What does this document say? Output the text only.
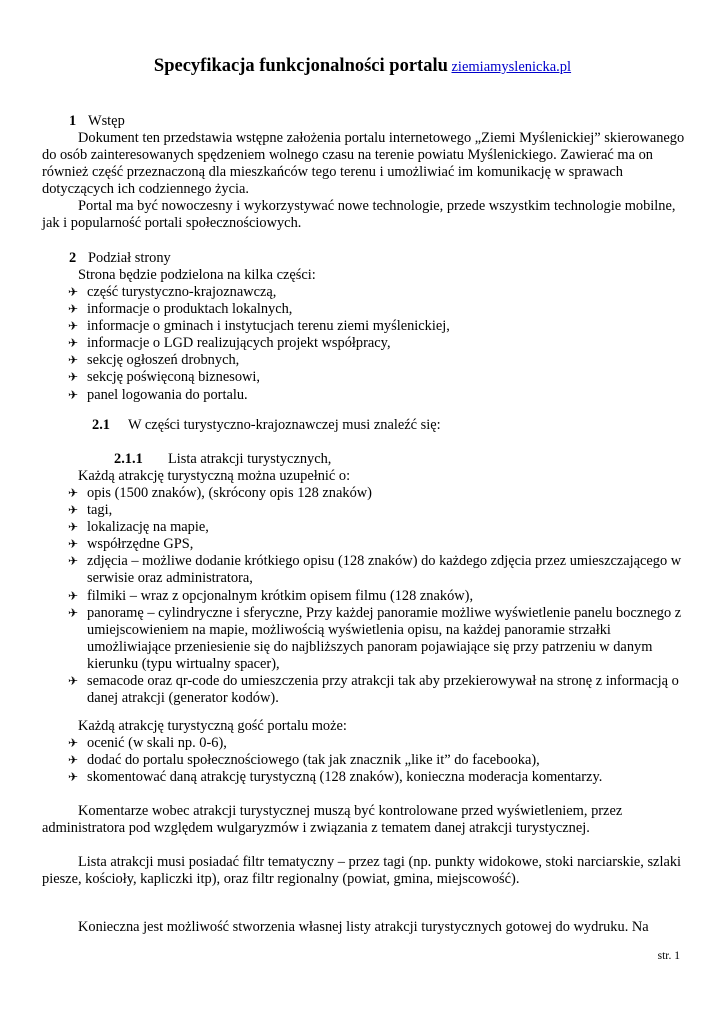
Specyfikacja funkcjonalności portalu ziemiamyslenicka.pl
1 Wstęp

Dokument ten przedstawia wstępne założenia portalu internetowego „Ziemi Myślenickiej” skierowanego do osób zainteresowanych spędzeniem wolnego czasu na terenie powiatu Myślenickiego. Zawierać ma on również część przeznaczoną dla mieszkańców tego terenu i umożliwiać im komunikację w sprawach dotyczących ich codziennego życia.

Portal ma być nowoczesny i wykorzystywać nowe technologie, przede wszystkim technologie mobilne, jak i popularność portali społecznościowych.

2 Podział strony
Strona będzie podzielona na kilka części:
✈ część turystyczno-krajoznawczą,
✈ informacje o produktach lokalnych,
✈ informacje o gminach i instytucjach terenu ziemi myślenickiej,
✈ informacje o LGD realizujących projekt współpracy,
✈ sekcję ogłoszeń drobnych,
✈ sekcję poświęconą biznesowi,
✈ panel logowania do portalu.
2.1 W części turystyczno-krajoznawczej musi znaleźć się:
2.1.1 Lista atrakcji turystycznych,
Każdą atrakcję turystyczną można uzupełnić o:
✈ opis (1500 znaków), (skrócony opis 128 znaków)
✈ tagi,
✈ lokalizację na mapie,
✈ współrzędne GPS,
✈ zdjęcia – możliwe dodanie krótkiego opisu (128 znaków) do każdego zdjęcia przez umieszczającego w serwisie oraz administratora,
✈ filmiki – wraz z opcjonalnym krótkim opisem filmu (128 znaków),
✈ panoramę – cylindryczne i sferyczne, Przy każdej panoramie możliwe wyświetlenie panelu bocznego z umiejscowieniem na mapie, możliwością wyświetlenia opisu, na każdej panoramie strzałki umożliwiające przeniesienie się do najbliższych panoram pojawiające się przy patrzeniu w danym kierunku (typu wirtualny spacer),
✈ semacode oraz qr-code do umieszczenia przy atrakcji tak aby przekierowywał na stronę z informacją o danej atrakcji (generator kodów).
Każdą atrakcję turystyczną gość portalu może:
✈ ocenić (w skali np. 0-6),
✈ dodać do portalu społecznościowego (tak jak znacznik „like it” do facebooka),
✈ skomentować daną atrakcję turystyczną (128 znaków), konieczna moderacja komentarzy.

Komentarze wobec atrakcji turystycznej muszą być kontrolowane przed wyświetleniem, przez administratora pod względem wulgaryzmów i związania z tematem danej atrakcji turystycznej.

Lista atrakcji musi posiadać filtr tematyczny – przez tagi (np. punkty widokowe, stoki narciarskie, szlaki piesze, kościoły, kapliczki itp), oraz filtr regionalny (powiat, gmina, miejscowość).

Konieczna jest możliwość stworzenia własnej listy atrakcji turystycznych gotowej do wydruku. Na

str. 1
